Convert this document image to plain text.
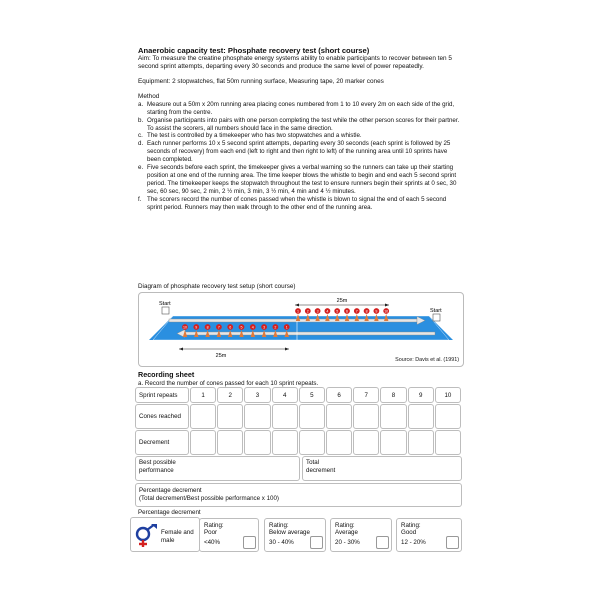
Anaerobic capacity test: Phosphate recovery test (short course)

Aim: To measure the creatine phosphate energy systems ability to enable participants to recover between ten 5 second sprint attempts, departing every 30 seconds and produce the same level of power repeatedly.

Equipment: 2 stopwatches, flat 50m running surface, Measuring tape, 20 marker cones

Method
a. Measure out a 50m x 20m running area placing cones numbered from 1 to 10 every 2m on each side of the grid, starting from the centre.
b. Organise participants into pairs with one person completing the test while the other person scores for their partner. To assist the scorers, all numbers should face in the same direction.
c. The test is controlled by a timekeeper who has two stopwatches and a whistle.
d. Each runner performs 10 x 5 second sprint attempts, departing every 30 seconds (each sprint is followed by 25 seconds of recovery) from each end (left to right and then right to left) of the running area until 10 sprints have been completed.
e. Five seconds before each sprint, the timekeeper gives a verbal warning so the runners can take up their starting position at one end of the running area. The time keeper blows the whistle to begin and end each 5 second sprint period. The timekeeper keeps the stopwatch throughout the test to ensure runners begin their sprints at 0 sec, 30 sec, 60 sec, 90 sec, 2 min, 2 ½ min, 3 min, 3 ½ min, 4 min and 4 ½ minutes.
f. The scorers record the number of cones passed when the whistle is blown to signal the end of each 5 second sprint period. Runners may then walk through to the other end of the running area.
Diagram of phosphate recovery test setup (short course)
Start
Start
25m
25m
1 2 3 4 5 6 7 8 9 10
10 9	8	7	6	5	4	3	2	1
Source: Davis et al. (1991)
Recording sheet
a. Record the number of cones passed for each 10 sprint repeats.
Sprint repeats	1	2	3	4	5	6	7	8	9	10
Cones reached
Decrement
Best possible performance
Total decrement
Percentage decrement
(Total decrement/Best possible performance x 100)
Percentage decrement
Female and male
Rating:
Poor
<40%
Rating:
Below average
30 - 40%
Rating:
Average
20 - 30%
Rating:
Good
12 - 20%
